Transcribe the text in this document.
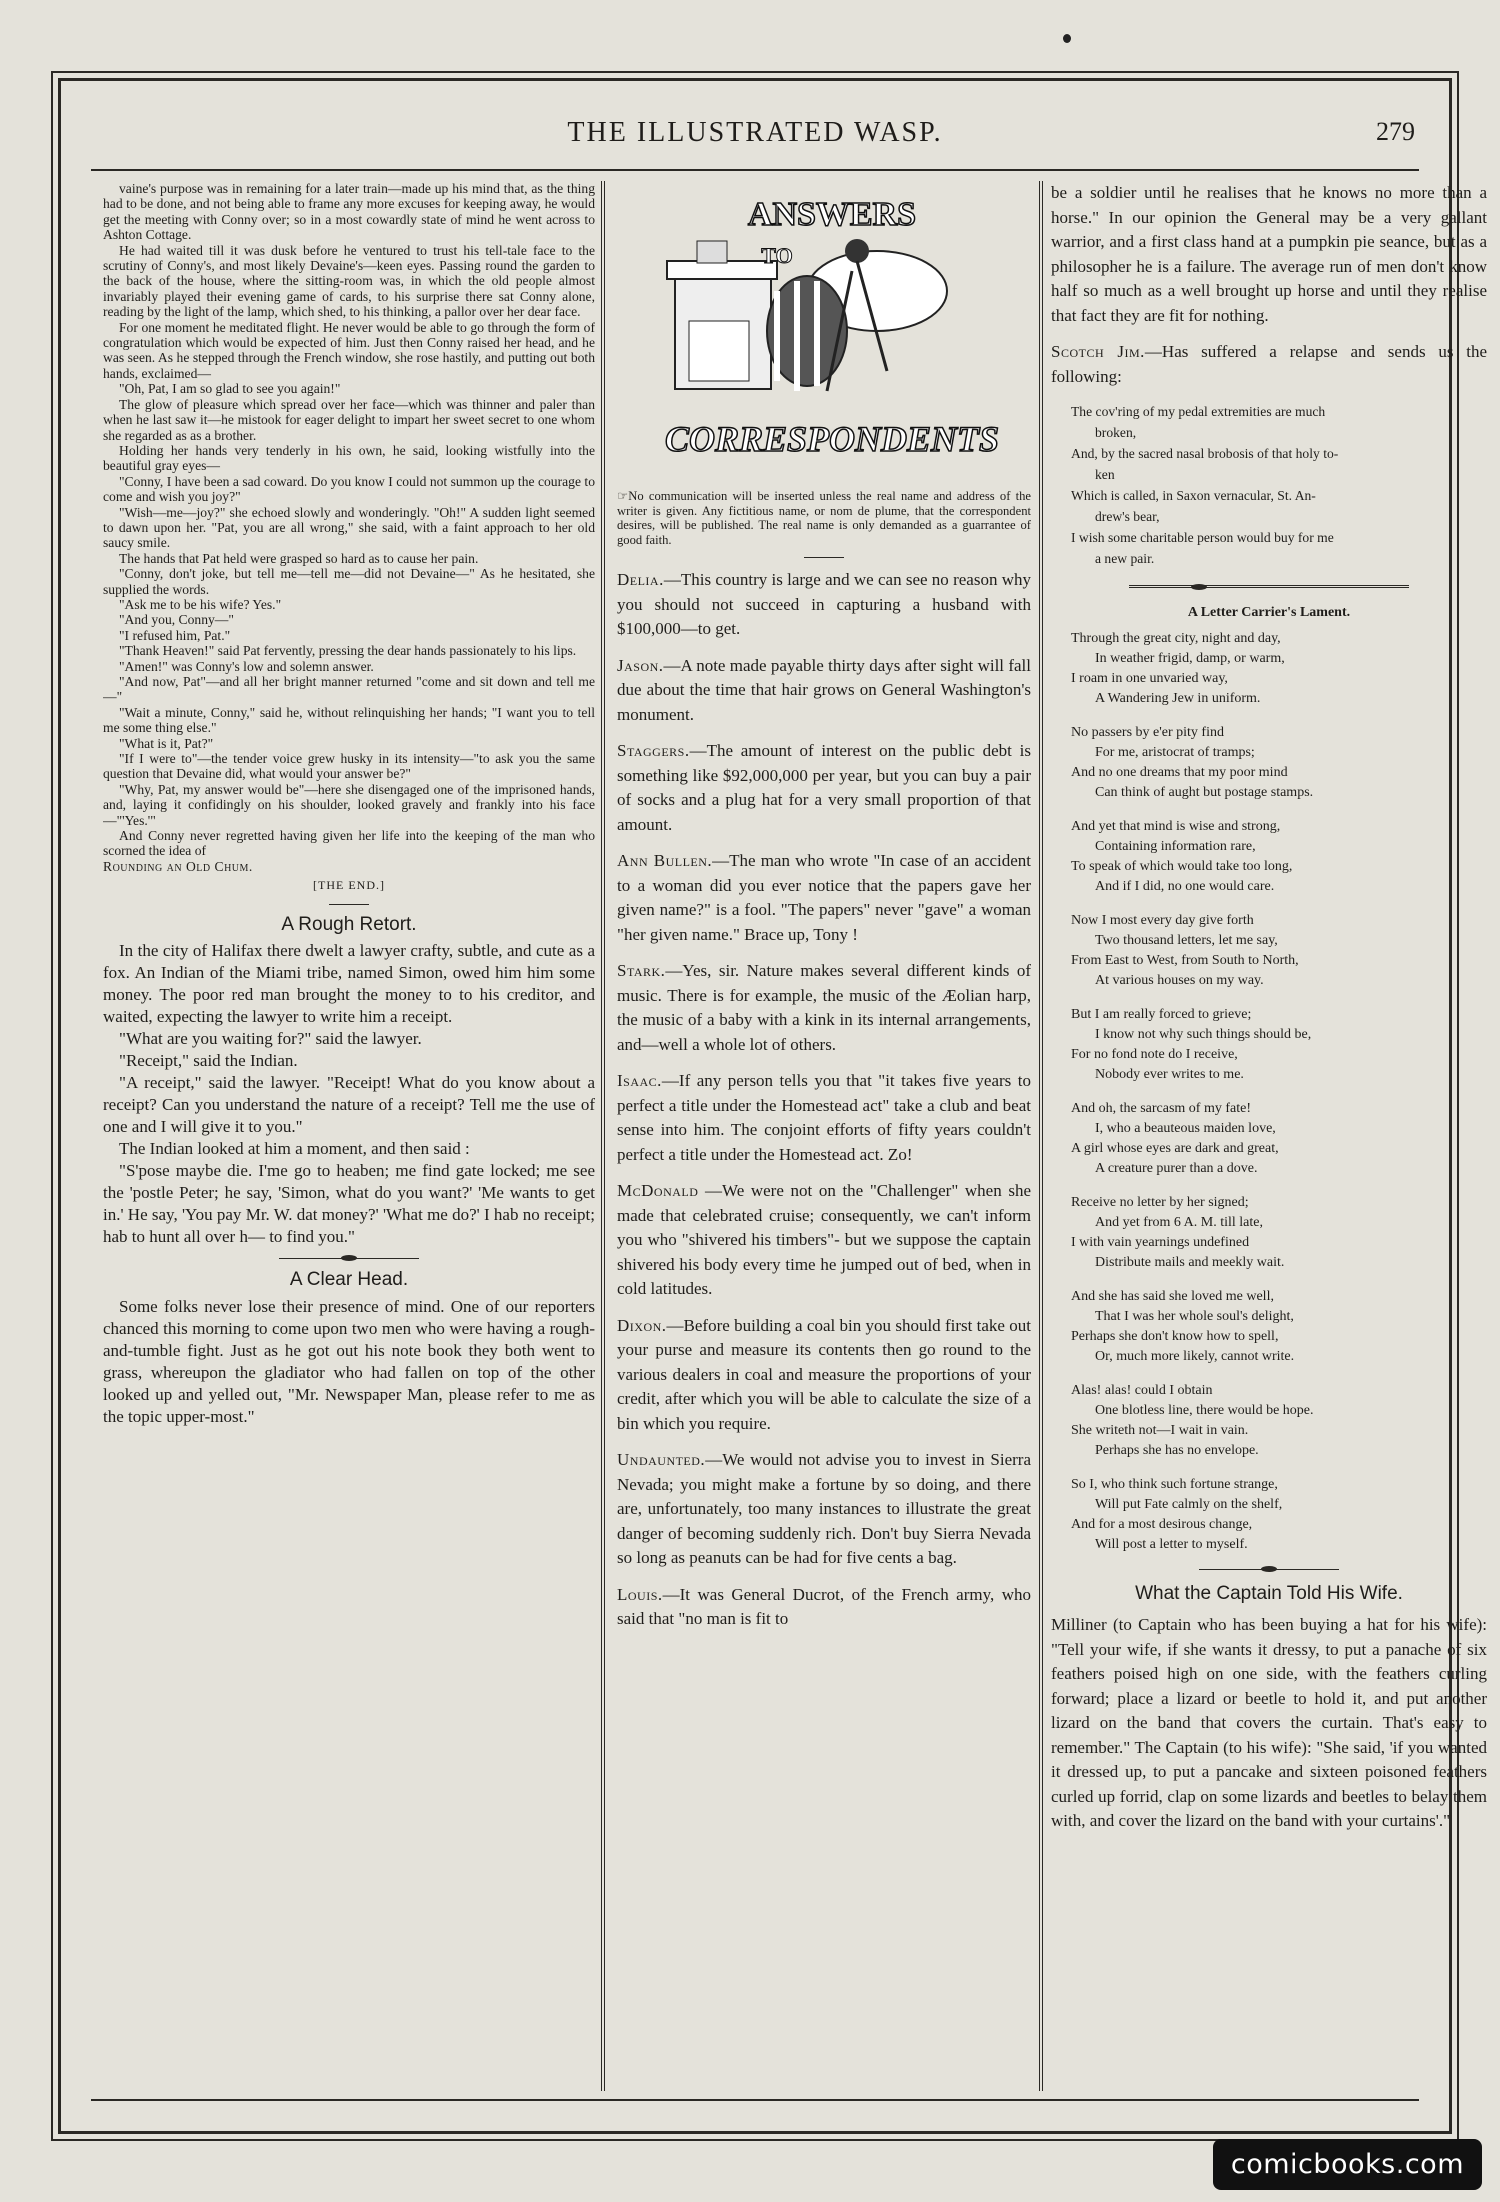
THE ILLUSTRATED WASP.	279

vaine's purpose was in remaining for a later train—made up his mind that, as the thing had to be done, and not being able to frame any more excuses for keeping away, he would get the meeting with Conny over; so in a most cowardly state of mind he went across to Ashton Cottage.

He had waited till it was dusk before he ventured to trust his tell-tale face to the scrutiny of Conny's, and most likely Devaine's—keen eyes. Passing round the garden to the back of the house, where the sitting-room was, in which the old people almost invariably played their evening game of cards, to his surprise there sat Conny alone, reading by the light of the lamp, which shed, to his thinking, a pallor over her dear face.

For one moment he meditated flight. He never would be able to go through the form of congratulation which would be expected of him. Just then Conny raised her head, and he was seen. As he stepped through the French window, she rose hastily, and putting out both hands, exclaimed—

"Oh, Pat, I am so glad to see you again!"

The glow of pleasure which spread over her face—which was thinner and paler than when he last saw it—he mistook for eager delight to impart her sweet secret to one whom she regarded as as a brother.

Holding her hands very tenderly in his own, he said, looking wistfully into the beautiful gray eyes—

"Conny, I have been a sad coward. Do you know I could not summon up the courage to come and wish you joy?"

"Wish—me—joy?" she echoed slowly and wonderingly. "Oh!" A sudden light seemed to dawn upon her. "Pat, you are all wrong," she said, with a faint approach to her old saucy smile.

The hands that Pat held were grasped so hard as to cause her pain.

"Conny, don't joke, but tell me—tell me—did not Devaine—" As he hesitated, she supplied the words.

"Ask me to be his wife? Yes."

"And you, Conny—"

"I refused him, Pat."

"Thank Heaven!" said Pat fervently, pressing the dear hands passionately to his lips.

"Amen!" was Conny's low and solemn answer.

"And now, Pat"—and all her bright manner returned "come and sit down and tell me—"

"Wait a minute, Conny," said he, without relinquishing her hands; "I want you to tell me some thing else."

"What is it, Pat?"

"If I were to"—the tender voice grew husky in its intensity—"to ask you the same question that Devaine did, what would your answer be?"

"Why, Pat, my answer would be"—here she disengaged one of the imprisoned hands, and, laying it confidingly on his shoulder, looked gravely and frankly into his face—"'Yes.'"

And Conny never regretted having given her life into the keeping of the man who scorned the idea of

Rounding an Old Chum.

[THE END.]
A Rough Retort.

In the city of Halifax there dwelt a lawyer crafty, subtle, and cute as a fox. An Indian of the Miami tribe, named Simon, owed him him some money. The poor red man brought the money to to his creditor, and waited, expecting the lawyer to write him a receipt.

"What are you waiting for?" said the lawyer.

"Receipt," said the Indian.

"A receipt," said the lawyer. "Receipt! What do you know about a receipt? Can you understand the nature of a receipt? Tell me the use of one and I will give it to you."

The Indian looked at him a moment, and then said :

"S'pose maybe die. I'me go to heaben; me find gate locked; me see the 'postle Peter; he say, 'Simon, what do you want?' 'Me wants to get in.' He say, 'You pay Mr. W. dat money?' 'What me do?' I hab no receipt; hab to hunt all over h— to find you."

A Clear Head.

Some folks never lose their presence of mind. One of our reporters chanced this morning to come upon two men who were having a rough-and-tumble fight. Just as he got out his note book they both went to grass, whereupon the gladiator who had fallen on top of the other looked up and yelled out, "Mr. Newspaper Man, please refer to me as the topic upper-most."

ANSWERS
TO
CORRESPONDENTS

☞No communication will be inserted unless the real name and address of the writer is given. Any fictitious name, or nom de plume, that the correspondent desires, will be published. The real name is only demanded as a guarrantee of good faith.

Delia.—This country is large and we can see no reason why you should not succeed in capturing a husband with $100,000—to get.

Jason.—A note made payable thirty days after sight will fall due about the time that hair grows on General Washington's monument.

Staggers.—The amount of interest on the public debt is something like $92,000,000 per year, but you can buy a pair of socks and a plug hat for a very small proportion of that amount.

Ann Bullen.—The man who wrote "In case of an accident to a woman did you ever notice that the papers gave her given name?" is a fool. "The papers" never "gave" a woman "her given name." Brace up, Tony !

Stark.—Yes, sir. Nature makes several different kinds of music. There is for example, the music of the Æolian harp, the music of a baby with a kink in its internal arrangements, and—well a whole lot of others.

Isaac.—If any person tells you that "it takes five years to perfect a title under the Homestead act" take a club and beat sense into him. The conjoint efforts of fifty years couldn't perfect a title under the Homestead act. Zo!

McDonald —We were not on the "Challenger" when she made that celebrated cruise; consequently, we can't inform you who "shivered his timbers"- but we suppose the captain shivered his body every time he jumped out of bed, when in cold latitudes.

Dixon.—Before building a coal bin you should first take out your purse and measure its contents then go round to the various dealers in coal and measure the proportions of your credit, after which you will be able to calculate the size of a bin which you require.

Undaunted.—We would not advise you to invest in Sierra Nevada; you might make a fortune by so doing, and there are, unfortunately, too many instances to illustrate the great danger of becoming suddenly rich. Don't buy Sierra Nevada so long as peanuts can be had for five cents a bag.

Louis.—It was General Ducrot, of the French army, who said that "no man is fit to

be a soldier until he realises that he knows no more than a horse." In our opinion the General may be a very gallant warrior, and a first class hand at a pumpkin pie seance, but as a philosopher he is a failure. The average run of men don't know half so much as a well brought up horse and until they realise that fact they are fit for nothing.

Scotch Jim.—Has suffered a relapse and sends us the following:

The cov'ring of my pedal extremities are much
broken,
And, by the sacred nasal brobosis of that holy to-
ken
Which is called, in Saxon vernacular, St. An-
drew's bear,
I wish some charitable person would buy for me
a new pair.
A Letter Carrier's Lament.
Through the great city, night and day,
In weather frigid, damp, or warm,
I roam in one unvaried way,
A Wandering Jew in uniform.
No passers by e'er pity find
For me, aristocrat of tramps;
And no one dreams that my poor mind
Can think of aught but postage stamps.
And yet that mind is wise and strong,
Containing information rare,
To speak of which would take too long,
And if I did, no one would care.
Now I most every day give forth
Two thousand letters, let me say,
From East to West, from South to North,
At various houses on my way.
But I am really forced to grieve;
I know not why such things should be,
For no fond note do I receive,
Nobody ever writes to me.
And oh, the sarcasm of my fate!
I, who a beauteous maiden love,
A girl whose eyes are dark and great,
A creature purer than a dove.
Receive no letter by her signed;
And yet from 6 A. M. till late,
I with vain yearnings undefined
Distribute mails and meekly wait.
And she has said she loved me well,
That I was her whole soul's delight,
Perhaps she don't know how to spell,
Or, much more likely, cannot write.
Alas! alas! could I obtain
One blotless line, there would be hope.
She writeth not—I wait in vain.
Perhaps she has no envelope.
So I, who think such fortune strange,
Will put Fate calmly on the shelf,
And for a most desirous change,
Will post a letter to myself.
What the Captain Told His Wife.

Milliner (to Captain who has been buying a hat for his wife): "Tell your wife, if she wants it dressy, to put a panache of six feathers poised high on one side, with the feathers curling forward; place a lizard or beetle to hold it, and put another lizard on the band that covers the curtain. That's easy to remember." The Captain (to his wife): "She said, 'if you wanted it dressed up, to put a pancake and sixteen poisoned feathers curled up forrid, clap on some lizards and beetles to belay them with, and cover the lizard on the band with your curtains'."

comicbooks.com
